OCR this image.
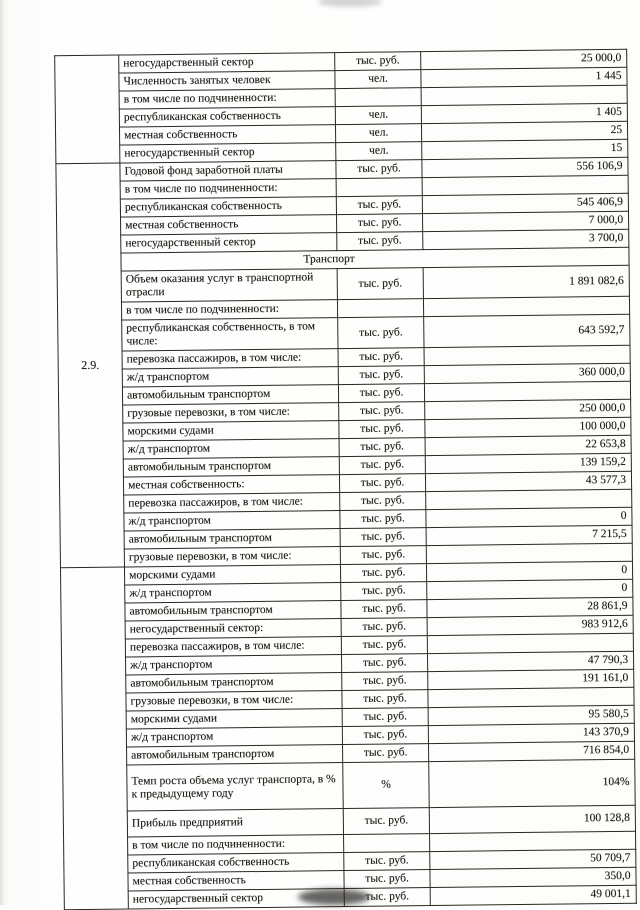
	негосударственный сектор	тыс. руб.	25 000,0
	Численность занятых человек	чел.	1 445
	в том числе по подчиненности:		
	республиканская собственность	чел.	1 405
	местная собственность	чел.	25
	негосударственный сектор	чел.	15
2.9.	Годовой фонд заработной платы	тыс. руб.	556 106,9
	в том числе по подчиненности:		
	республиканская собственность	тыс. руб.	545 406,9
	местная собственность	тыс. руб.	7 000,0
	негосударственный сектор	тыс. руб.	3 700,0
	Транспорт		
	Объем оказания услуг в транспортной отрасли	тыс. руб.	1 891 082,6
	в том числе по подчиненности:		
	республиканская собственность, в том числе:	тыс. руб.	643 592,7
	перевозка пассажиров, в том числе:	тыс. руб.	
	ж/д транспортом	тыс. руб.	360 000,0
	автомобильным транспортом	тыс. руб.	
	грузовые перевозки, в том числе:	тыс. руб.	250 000,0
	морскими судами	тыс. руб.	100 000,0
	ж/д транспортом	тыс. руб.	22 653,8
	автомобильным транспортом	тыс. руб.	139 159,2
	местная собственность:	тыс. руб.	43 577,3
	перевозка пассажиров, в том числе:	тыс. руб.	
	ж/д транспортом	тыс. руб.	0
	автомобильным транспортом	тыс. руб.	7 215,5
	грузовые перевозки, в том числе:	тыс. руб.	
	морскими судами	тыс. руб.	0
	ж/д транспортом	тыс. руб.	0
	автомобильным транспортом	тыс. руб.	28 861,9
	негосударственный сектор:	тыс. руб.	983 912,6
	перевозка пассажиров, в том числе:	тыс. руб.	
	ж/д транспортом	тыс. руб.	47 790,3
	автомобильным транспортом	тыс. руб.	191 161,0
	грузовые перевозки, в том числе:	тыс. руб.	
	морскими судами	тыс. руб.	95 580,5
	ж/д транспортом	тыс. руб.	143 370,9
	автомобильным транспортом	тыс. руб.	716 854,0
	Темп роста объема услуг транспорта, в % к предыдущему году	%	104%
	Прибыль предприятий	тыс. руб.	100 128,8
	в том числе по подчиненности:		
	республиканская собственность	тыс. руб.	50 709,7
	местная собственность	тыс. руб.	350,0
	негосударственный сектор	тыс. руб.	49 001,1
